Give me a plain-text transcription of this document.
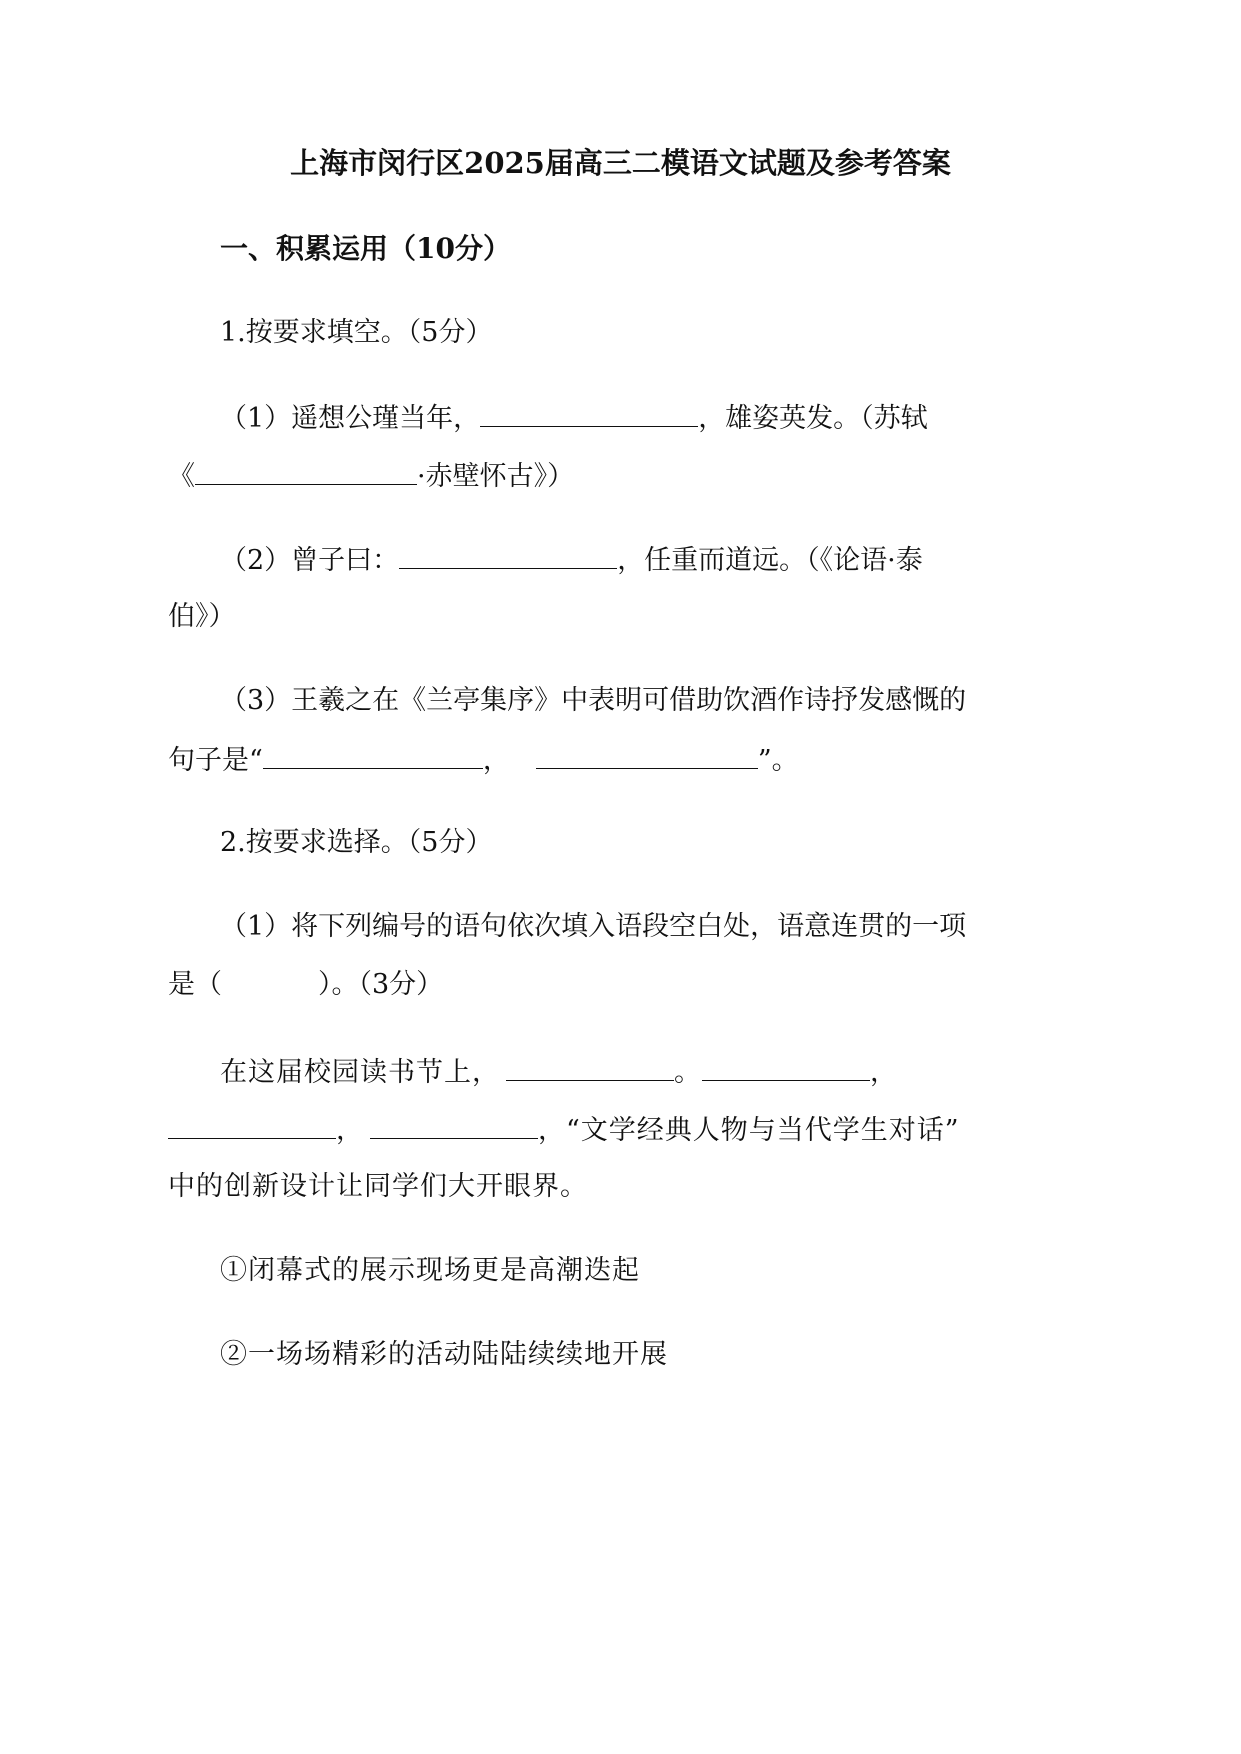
上海市闵行区2025届高三二模语文试题及参考答案
一、积累运用（10分）
1.按要求填空。（5分）
（1）遥想公瑾当年，	，雄姿英发。（苏轼
《	·赤壁怀古》）
（2）曾子曰：	，任重而道远。（《论语·泰
伯》）
（3）王羲之在《兰亭集序》中表明可借助饮酒作诗抒发感慨的
句子是“	，	”。
2.按要求选择。（5分）
（1）将下列编号的语句依次填入语段空白处，语意连贯的一项
是（	）。（3分）
在这届校园读书节上，	。	，
，	，“文学经典人物与当代学生对话”
中的创新设计让同学们大开眼界。
①闭幕式的展示现场更是高潮迭起
②一场场精彩的活动陆陆续续地开展
